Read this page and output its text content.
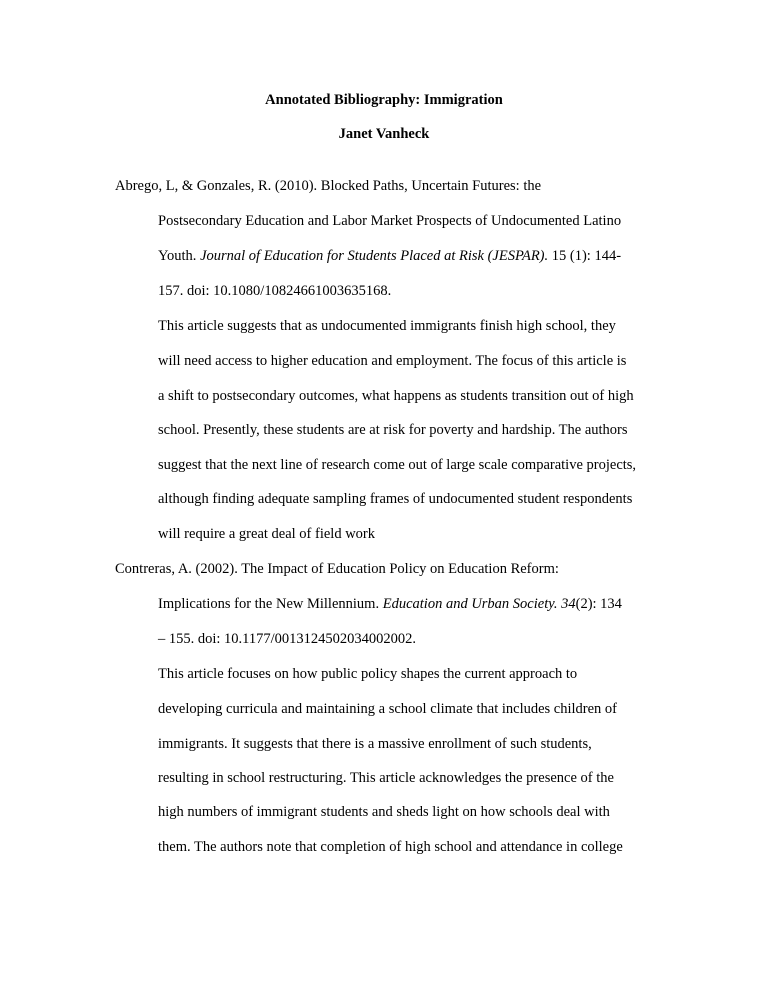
Annotated Bibliography: Immigration
Janet Vanheck
Abrego, L, & Gonzales, R. (2010). Blocked Paths, Uncertain Futures: the
Postsecondary Education and Labor Market Prospects of Undocumented Latino
Youth. Journal of Education for Students Placed at Risk (JESPAR). 15 (1): 144-
157. doi: 10.1080/10824661003635168.
This article suggests that as undocumented immigrants finish high school, they
will need access to higher education and employment. The focus of this article is
a shift to postsecondary outcomes, what happens as students transition out of high
school. Presently, these students are at risk for poverty and hardship. The authors
suggest that the next line of research come out of large scale comparative projects,
although finding adequate sampling frames of undocumented student respondents
will require a great deal of field work
Contreras, A. (2002). The Impact of Education Policy on Education Reform:
Implications for the New Millennium. Education and Urban Society. 34(2): 134
– 155. doi: 10.1177/0013124502034002002.
This article focuses on how public policy shapes the current approach to
developing curricula and maintaining a school climate that includes children of
immigrants. It suggests that there is a massive enrollment of such students,
resulting in school restructuring. This article acknowledges the presence of the
high numbers of immigrant students and sheds light on how schools deal with
them. The authors note that completion of high school and attendance in college
